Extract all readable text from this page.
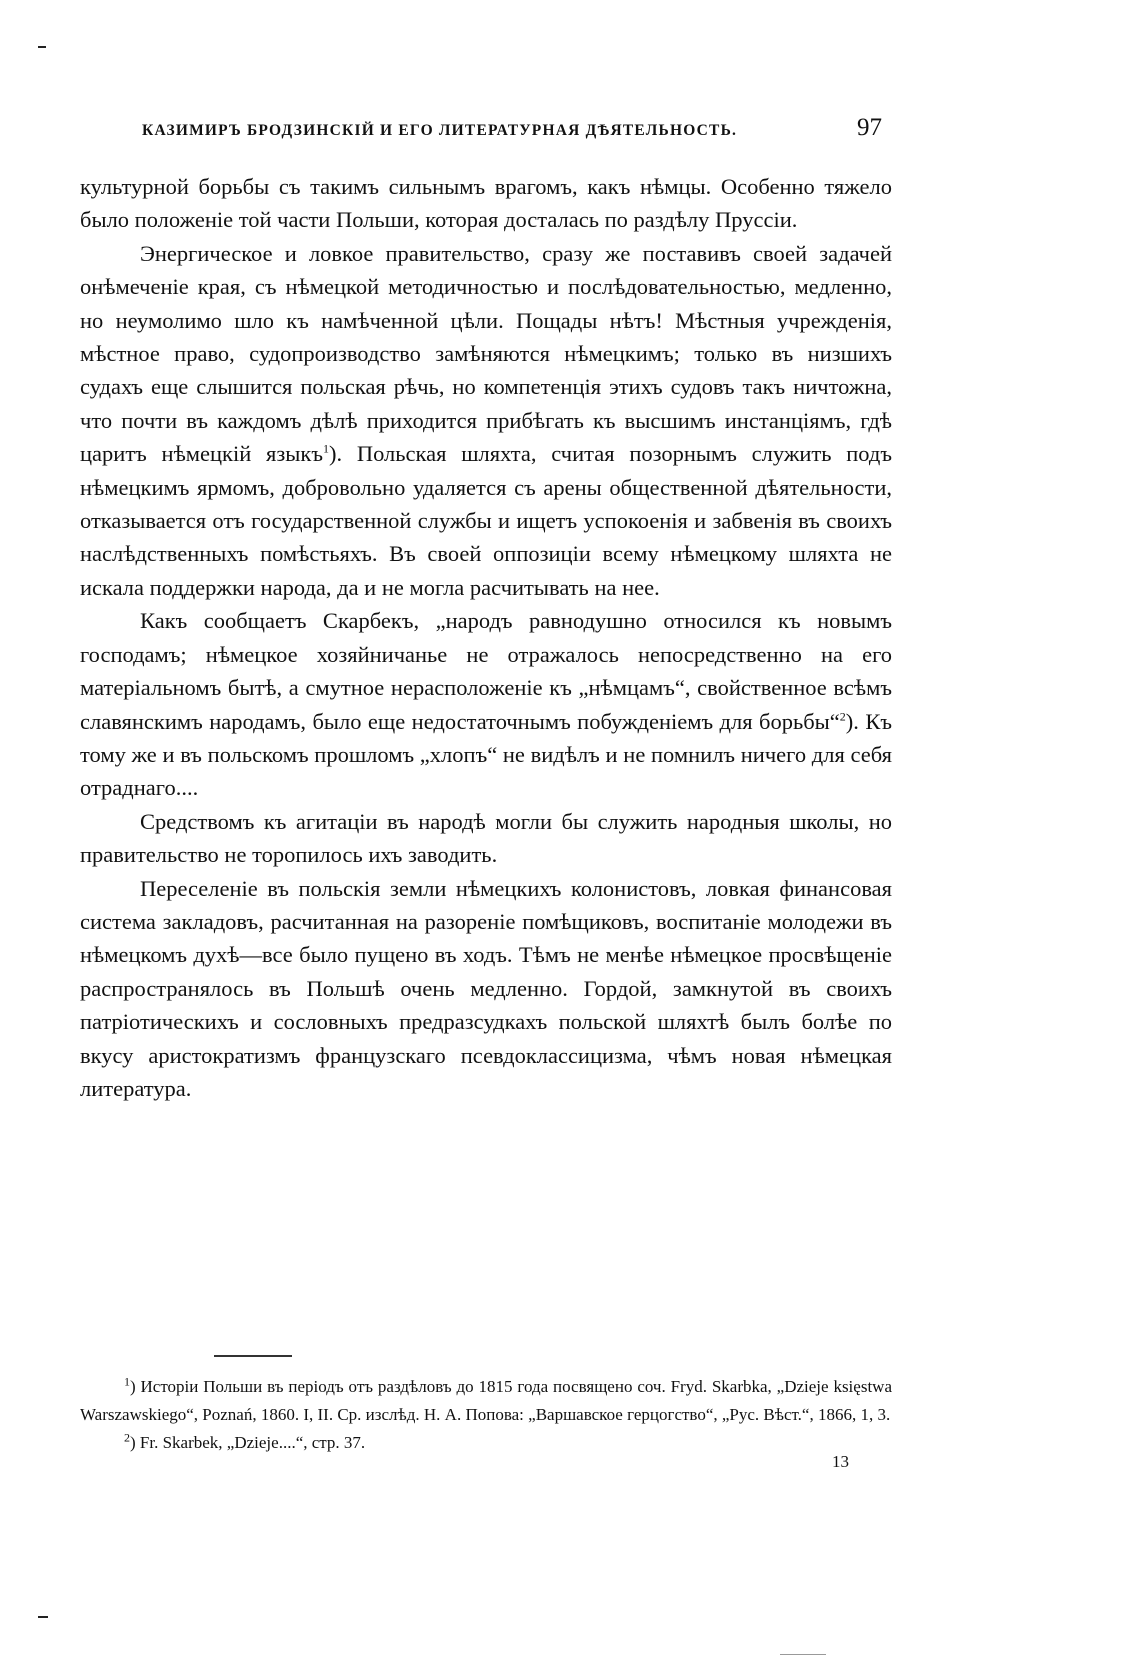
КАЗИМИРЪ БРОДЗИНСКІЙ И ЕГО ЛИТЕРАТУРНАЯ ДѢЯТЕЛЬНОСТЬ.	97

культурной борьбы съ такимъ сильнымъ врагомъ, какъ нѣмцы. Особенно тяжело было положеніе той части Польши, которая досталась по раздѣлу Пруссіи.

Энергическое и ловкое правительство, сразу же поставивъ своей задачей онѣмеченіе края, съ нѣмецкой методичностью и послѣдовательностью, медленно, но неумолимо шло къ намѣченной цѣли. Пощады нѣтъ! Мѣстныя учрежденія, мѣстное право, судопроизводство замѣняются нѣмецкимъ; только въ низшихъ судахъ еще слышится польская рѣчь, но компетенція этихъ судовъ такъ ничтожна, что почти въ каждомъ дѣлѣ приходится прибѣгать къ высшимъ инстанціямъ, гдѣ царитъ нѣмецкій языкъ$^1$). Польская шляхта, считая позорнымъ служить подъ нѣмецкимъ ярмомъ, добровольно удаляется съ арены общественной дѣятельности, отказывается отъ государственной службы и ищетъ успокоенія и забвенія въ своихъ наслѣдственныхъ помѣстьяхъ. Въ своей оппозиціи всему нѣмецкому шляхта не искала поддержки народа, да и не могла расчитывать на нее.

Какъ сообщаетъ Скарбекъ, „народъ равнодушно относился къ новымъ господамъ; нѣмецкое хозяйничанье не отражалось непосредственно на его матеріальномъ бытѣ, а смутное нерасположеніе къ „нѣмцамъ“, свойственное всѣмъ славянскимъ народамъ, было еще недостаточнымъ побужденіемъ для борьбы“$^2$). Къ тому же и въ польскомъ прошломъ „хлопъ“ не видѣлъ и не помнилъ ничего для себя отраднаго....

Средствомъ къ агитаціи въ народѣ могли бы служить народныя школы, но правительство не торопилось ихъ заводить.

Переселеніе въ польскія земли нѣмецкихъ колонистовъ, ловкая финансовая система закладовъ, расчитанная на разореніе помѣщиковъ, воспитаніе молодежи въ нѣмецкомъ духѣ—все было пущено въ ходъ. Тѣмъ не менѣе нѣмецкое просвѣщеніе распространялось въ Польшѣ очень медленно. Гордой, замкнутой въ своихъ патріотическихъ и сословныхъ предразсудкахъ польской шляхтѣ былъ болѣе по вкусу аристократизмъ французскаго псевдоклассицизма, чѣмъ новая нѣмецкая литература.

$^1$) Исторіи Польши въ періодъ отъ раздѣловъ до 1815 года посвящено соч. Fryd. Skarbka, „Dzieje księstwa Warszawskiego“, Poznań, 1860. I, II. Ср. изслѣд. Н. А. Попова: „Варшавское герцогство“, „Рус. Вѣст.“, 1866, 1, 3.

$^2$) Fr. Skarbek, „Dzieje....“, стр. 37.

13
